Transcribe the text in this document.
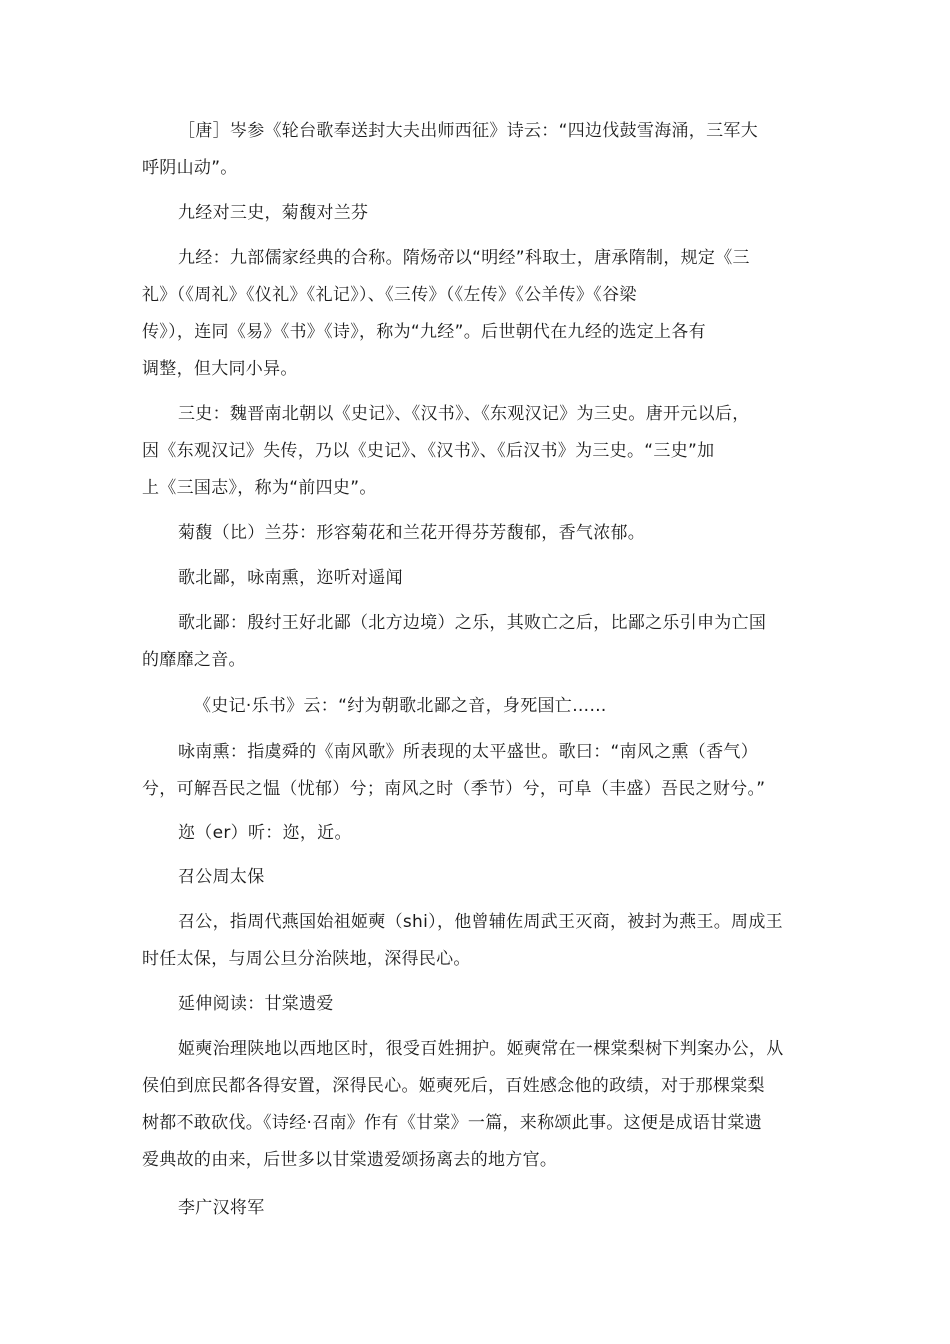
［唐］岑参《轮台歌奉送封大夫出师西征》诗云：“四边伐鼓雪海涌，三军大
呼阴山动”。
九经对三史，菊馥对兰芬
九经：九部儒家经典的合称。隋炀帝以“明经”科取士，唐承隋制，规定《三
礼》（《周礼》《仪礼》《礼记》）、《三传》（《左传》《公羊传》《谷梁
传》），连同《易》《书》《诗》，称为“九经”。后世朝代在九经的选定上各有
调整，但大同小异。
三史：魏晋南北朝以《史记》、《汉书》、《东观汉记》为三史。唐开元以后，
因《东观汉记》失传，乃以《史记》、《汉书》、《后汉书》为三史。“三史”加
上《三国志》，称为“前四史”。
菊馥（比）兰芬：形容菊花和兰花开得芬芳馥郁，香气浓郁。
歌北鄙，咏南熏，迩听对遥闻
歌北鄙：殷纣王好北鄙（北方边境）之乐，其败亡之后，比鄙之乐引申为亡国
的靡靡之音。
《史记·乐书》云：“纣为朝歌北鄙之音，身死国亡……
咏南熏：指虞舜的《南风歌》所表现的太平盛世。歌曰：“南风之熏（香气）
兮，可解吾民之愠（忧郁）兮；南风之时（季节）兮，可阜（丰盛）吾民之财兮。”
迩（er）听：迩，近。
召公周太保
召公，指周代燕国始祖姬奭（shi），他曾辅佐周武王灭商，被封为燕王。周成王
时任太保，与周公旦分治陕地，深得民心。
延伸阅读：甘棠遗爱
姬奭治理陕地以西地区时，很受百姓拥护。姬奭常在一棵棠梨树下判案办公，从
侯伯到庶民都各得安置，深得民心。姬奭死后，百姓感念他的政绩，对于那棵棠梨
树都不敢砍伐。《诗经·召南》作有《甘棠》一篇，来称颂此事。这便是成语甘棠遗
爱典故的由来，后世多以甘棠遗爱颂扬离去的地方官。
李广汉将军
